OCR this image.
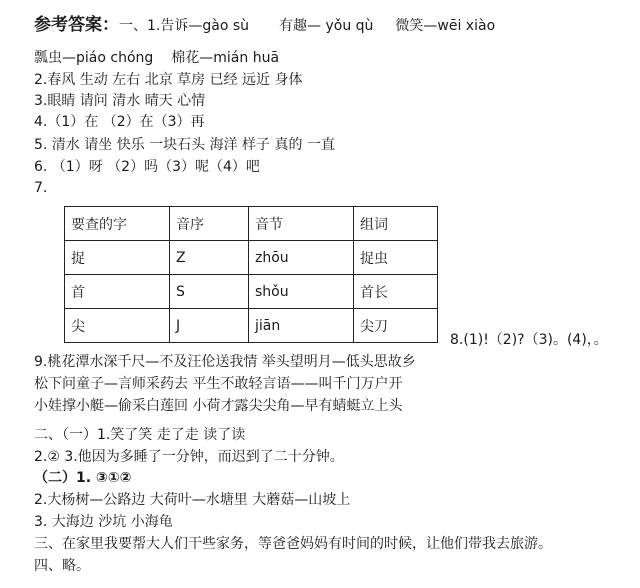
参考答案：一、1.告诉—gào sù 有趣— yǒu qù 微笑—wēi xiào
瓢虫—piáo chóng 棉花—mián huā
2.春风 生动 左右 北京 草房 已经 远近 身体
3.眼睛 请问 清水 晴天 心情
4.（1）在 （2）在（3）再
5. 清水 请坐 快乐 一块石头 海洋 样子 真的 一直
6. （1）呀 （2）吗（3）呢（4）吧
7.
要查的字	音序	音节	组词
捉	Z	zhōu	捉虫
首	S	shǒu	首长
尖	J	jiān	尖刀
8.(1)!（2)?（3)。(4)，。
9.桃花潭水深千尺—不及汪伦送我情 举头望明月—低头思故乡
松下问童子—言师采药去 平生不敢轻言语——叫千门万户开
小娃撑小艇—偷采白莲回 小荷才露尖尖角—早有蜻蜓立上头
二、（一）1.笑了笑 走了走 读了读
2.② 3.他因为多睡了一分钟，而迟到了二十分钟。
（二）1. ③①②
2.大杨树—公路边 大荷叶—水塘里 大蘑菇—山坡上
3. 大海边 沙坑 小海龟
三、在家里我要帮大人们干些家务，等爸爸妈妈有时间的时候，让他们带我去旅游。
四、略。
